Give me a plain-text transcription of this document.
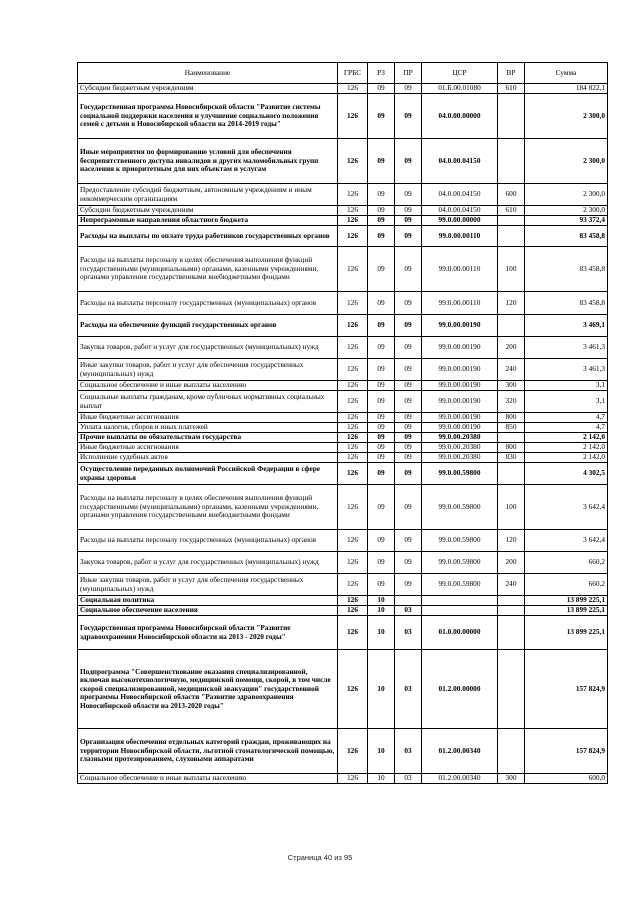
Наименование	ГРБС	РЗ	ПР	ЦСР	ВР	Сумма
Субсидии бюджетным учреждениям	126	09	09	01.Б.00.01080	610	184 822,1
Государственная программа Новосибирской области "Развитие системы социальной поддержки населения и улучшение социального положения семей с детьми в Новосибирской области на 2014-2019 годы"	126	09	09	04.0.00.00000		2 300,0
Иные мероприятия по формированию условий для обеспечения беспрепятственного доступа инвалидов и других маломобильных групп населения к приоритетным для них объектам и услугам	126	09	09	04.0.00.04150		2 300,0
Предоставление субсидий бюджетным, автономным учреждениям и иным некоммерческим организациям	126	09	09	04.0.00.04150	600	2 300,0
Субсидии бюджетным учреждениям	126	09	09	04.0.00.04150	610	2 300,0
Непрограммные направления областного бюджета	126	09	09	99.0.00.00000		93 372,4
Расходы на выплаты по оплате труда работников государственных органов	126	09	09	99.0.00.00110		83 458,8
Расходы на выплаты персоналу в целях обеспечения выполнения функций государственными (муниципальными) органами, казенными учреждениями, органами управления государственными внебюджетными фондами	126	09	09	99.0.00.00110	100	83 458,8
Расходы на выплаты персоналу государственных (муниципальных) органов	126	09	09	99.0.00.00110	120	83 458,8
Расходы на обеспечение функций государственных органов	126	09	09	99.0.00.00190		3 469,1
Закупка товаров, работ и услуг для государственных (муниципальных) нужд	126	09	09	99.0.00.00190	200	3 461,3
Иные закупки товаров, работ и услуг для обеспечения государственных (муниципальных) нужд	126	09	09	99.0.00.00190	240	3 461,3
Социальное обеспечение и иные выплаты населению	126	09	09	99.0.00.00190	300	3,1
Социальные выплаты гражданам, кроме публичных нормативных социальных выплат	126	09	09	99.0.00.00190	320	3,1
Иные бюджетные ассигнования	126	09	09	99.0.00.00190	800	4,7
Уплата налогов, сборов и иных платежей	126	09	09	99.0.00.00190	850	4,7
Прочие выплаты по обязательствам государства	126	09	09	99.0.00.20380		2 142,0
Иные бюджетные ассигнования	126	09	09	99.0.00.20380	800	2 142,0
Исполнение судебных актов	126	09	09	99.0.00.20380	830	2 142,0
Осуществление переданных полномочий Российской Федерации в сфере охраны здоровья	126	09	09	99.0.00.59800		4 302,5
Расходы на выплаты персоналу в целях обеспечения выполнения функций государственными (муниципальными) органами, казенными учреждениями, органами управления государственными внебюджетными фондами	126	09	09	99.0.00.59800	100	3 642,4
Расходы на выплаты персоналу государственных (муниципальных) органов	126	09	09	99.0.00.59800	120	3 642,4
Закупка товаров, работ и услуг для государственных (муниципальных) нужд	126	09	09	99.0.00.59800	200	660,2
Иные закупки товаров, работ и услуг для обеспечения государственных (муниципальных) нужд	126	09	09	99.0.00.59800	240	660,2
Социальная политика	126	10				13 899 225,1
Социальное обеспечение населения	126	10	03			13 899 225,1
Государственная программа Новосибирской области "Развитие здравоохранения Новосибирской области на 2013 - 2020 годы"	126	10	03	01.0.00.00000		13 899 225,1
Подпрограмма "Совершенствование оказания специализированной, включая высокотехнологичную, медицинской помощи, скорой, в том числе скорой специализированной, медицинской эвакуации" государственной программы Новосибирской области "Развитие здравоохранения Новосибирской области на 2013-2020 годы"	126	10	03	01.2.00.00000		157 824,9
Организация обеспечения отдельных категорий граждан, проживающих на территории Новосибирской области, льготной стоматологической помощью, глазными протезированием, слуховыми аппаратами	126	10	03	01.2.00.00340		157 824,9
Социальное обеспечение и иные выплаты населению	126	10	03	01.2.00.00340	300	600,0
Страница 40 из 95
